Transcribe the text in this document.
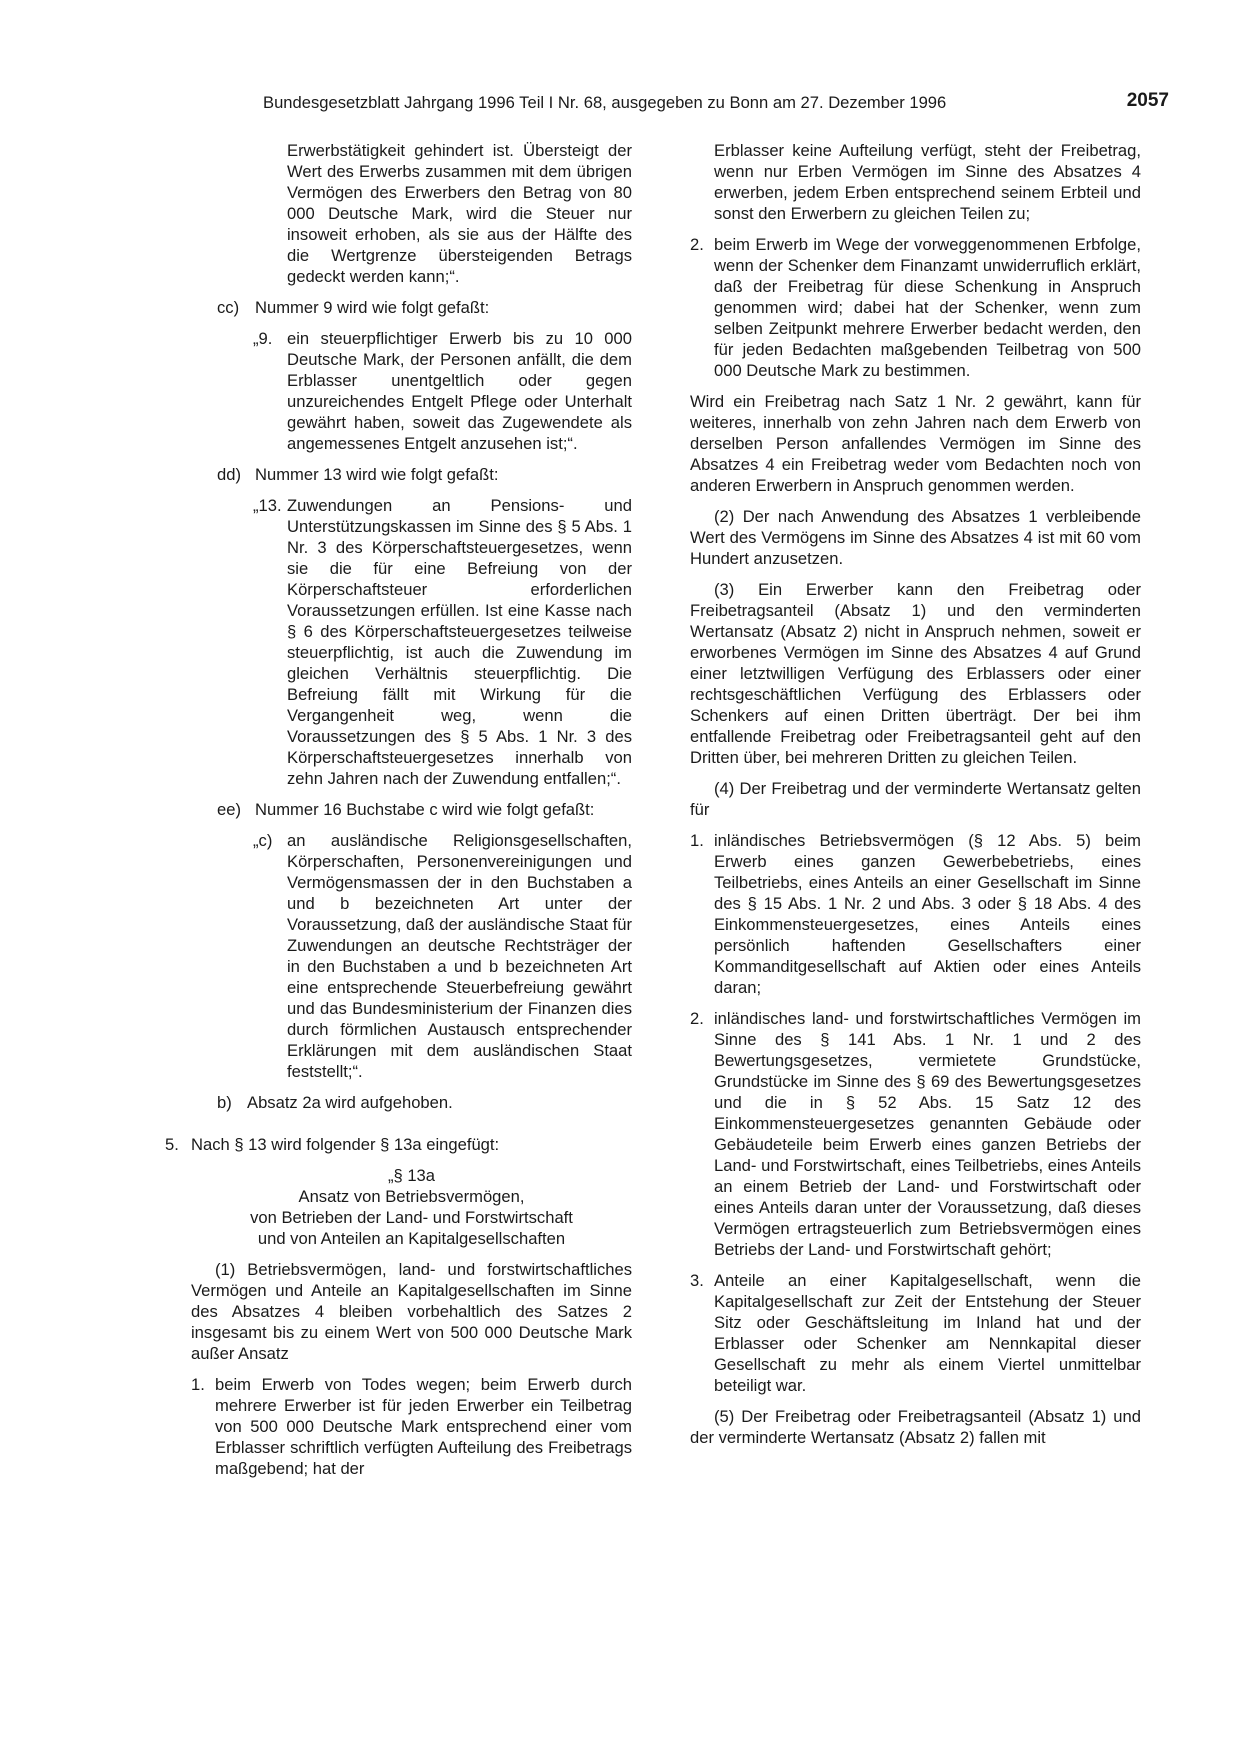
Bundesgesetzblatt Jahrgang 1996 Teil I Nr. 68, ausgegeben zu Bonn am 27. Dezember 1996	2057

Erwerbstätigkeit gehindert ist. Übersteigt der Wert des Erwerbs zusammen mit dem übrigen Vermögen des Erwerbers den Betrag von 80 000 Deutsche Mark, wird die Steuer nur insoweit erhoben, als sie aus der Hälfte des die Wertgrenze übersteigenden Betrags gedeckt werden kann;“.

cc) Nummer 9 wird wie folgt gefaßt:
„9. ein steuerpflichtiger Erwerb bis zu 10 000 Deutsche Mark, der Personen anfällt, die dem Erblasser unentgeltlich oder gegen unzureichendes Entgelt Pflege oder Unterhalt gewährt haben, soweit das Zugewendete als angemessenes Entgelt anzusehen ist;“.
dd) Nummer 13 wird wie folgt gefaßt:
„13. Zuwendungen an Pensions- und Unterstützungskassen im Sinne des § 5 Abs. 1 Nr. 3 des Körperschaftsteuergesetzes, wenn sie die für eine Befreiung von der Körperschaftsteuer erforderlichen Voraussetzungen erfüllen. Ist eine Kasse nach § 6 des Körperschaftsteuergesetzes teilweise steuerpflichtig, ist auch die Zuwendung im gleichen Verhältnis steuerpflichtig. Die Befreiung fällt mit Wirkung für die Vergangenheit weg, wenn die Voraussetzungen des § 5 Abs. 1 Nr. 3 des Körperschaftsteuergesetzes innerhalb von zehn Jahren nach der Zuwendung entfallen;“.
ee) Nummer 16 Buchstabe c wird wie folgt gefaßt:
„c) an ausländische Religionsgesellschaften, Körperschaften, Personenvereinigungen und Vermögensmassen der in den Buchstaben a und b bezeichneten Art unter der Voraussetzung, daß der ausländische Staat für Zuwendungen an deutsche Rechtsträger der in den Buchstaben a und b bezeichneten Art eine entsprechende Steuerbefreiung gewährt und das Bundesministerium der Finanzen dies durch förmlichen Austausch entsprechender Erklärungen mit dem ausländischen Staat feststellt;“.
b) Absatz 2a wird aufgehoben.
5. Nach § 13 wird folgender § 13a eingefügt:

„§ 13a

Ansatz von Betriebsvermögen,

von Betrieben der Land- und Forstwirtschaft

und von Anteilen an Kapitalgesellschaften

(1) Betriebsvermögen, land- und forstwirtschaftliches Vermögen und Anteile an Kapitalgesellschaften im Sinne des Absatzes 4 bleiben vorbehaltlich des Satzes 2 insgesamt bis zu einem Wert von 500 000 Deutsche Mark außer Ansatz

1. beim Erwerb von Todes wegen; beim Erwerb durch mehrere Erwerber ist für jeden Erwerber ein Teilbetrag von 500 000 Deutsche Mark entsprechend einer vom Erblasser schriftlich verfügten Aufteilung des Freibetrags maßgebend; hat der

Erblasser keine Aufteilung verfügt, steht der Freibetrag, wenn nur Erben Vermögen im Sinne des Absatzes 4 erwerben, jedem Erben entsprechend seinem Erbteil und sonst den Erwerbern zu gleichen Teilen zu;

2. beim Erwerb im Wege der vorweggenommenen Erbfolge, wenn der Schenker dem Finanzamt unwiderruflich erklärt, daß der Freibetrag für diese Schenkung in Anspruch genommen wird; dabei hat der Schenker, wenn zum selben Zeitpunkt mehrere Erwerber bedacht werden, den für jeden Bedachten maßgebenden Teilbetrag von 500 000 Deutsche Mark zu bestimmen.

Wird ein Freibetrag nach Satz 1 Nr. 2 gewährt, kann für weiteres, innerhalb von zehn Jahren nach dem Erwerb von derselben Person anfallendes Vermögen im Sinne des Absatzes 4 ein Freibetrag weder vom Bedachten noch von anderen Erwerbern in Anspruch genommen werden.

(2) Der nach Anwendung des Absatzes 1 verbleibende Wert des Vermögens im Sinne des Absatzes 4 ist mit 60 vom Hundert anzusetzen.

(3) Ein Erwerber kann den Freibetrag oder Freibetragsanteil (Absatz 1) und den verminderten Wertansatz (Absatz 2) nicht in Anspruch nehmen, soweit er erworbenes Vermögen im Sinne des Absatzes 4 auf Grund einer letztwilligen Verfügung des Erblassers oder einer rechtsgeschäftlichen Verfügung des Erblassers oder Schenkers auf einen Dritten überträgt. Der bei ihm entfallende Freibetrag oder Freibetragsanteil geht auf den Dritten über, bei mehreren Dritten zu gleichen Teilen.

(4) Der Freibetrag und der verminderte Wertansatz gelten für

1. inländisches Betriebsvermögen (§ 12 Abs. 5) beim Erwerb eines ganzen Gewerbebetriebs, eines Teilbetriebs, eines Anteils an einer Gesellschaft im Sinne des § 15 Abs. 1 Nr. 2 und Abs. 3 oder § 18 Abs. 4 des Einkommensteuergesetzes, eines Anteils eines persönlich haftenden Gesellschafters einer Kommanditgesellschaft auf Aktien oder eines Anteils daran;
2. inländisches land- und forstwirtschaftliches Vermögen im Sinne des § 141 Abs. 1 Nr. 1 und 2 des Bewertungsgesetzes, vermietete Grundstücke, Grundstücke im Sinne des § 69 des Bewertungsgesetzes und die in § 52 Abs. 15 Satz 12 des Einkommensteuergesetzes genannten Gebäude oder Gebäudeteile beim Erwerb eines ganzen Betriebs der Land- und Forstwirtschaft, eines Teilbetriebs, eines Anteils an einem Betrieb der Land- und Forstwirtschaft oder eines Anteils daran unter der Voraussetzung, daß dieses Vermögen ertragsteuerlich zum Betriebsvermögen eines Betriebs der Land- und Forstwirtschaft gehört;
3. Anteile an einer Kapitalgesellschaft, wenn die Kapitalgesellschaft zur Zeit der Entstehung der Steuer Sitz oder Geschäftsleitung im Inland hat und der Erblasser oder Schenker am Nennkapital dieser Gesellschaft zu mehr als einem Viertel unmittelbar beteiligt war.

(5) Der Freibetrag oder Freibetragsanteil (Absatz 1) und der verminderte Wertansatz (Absatz 2) fallen mit
